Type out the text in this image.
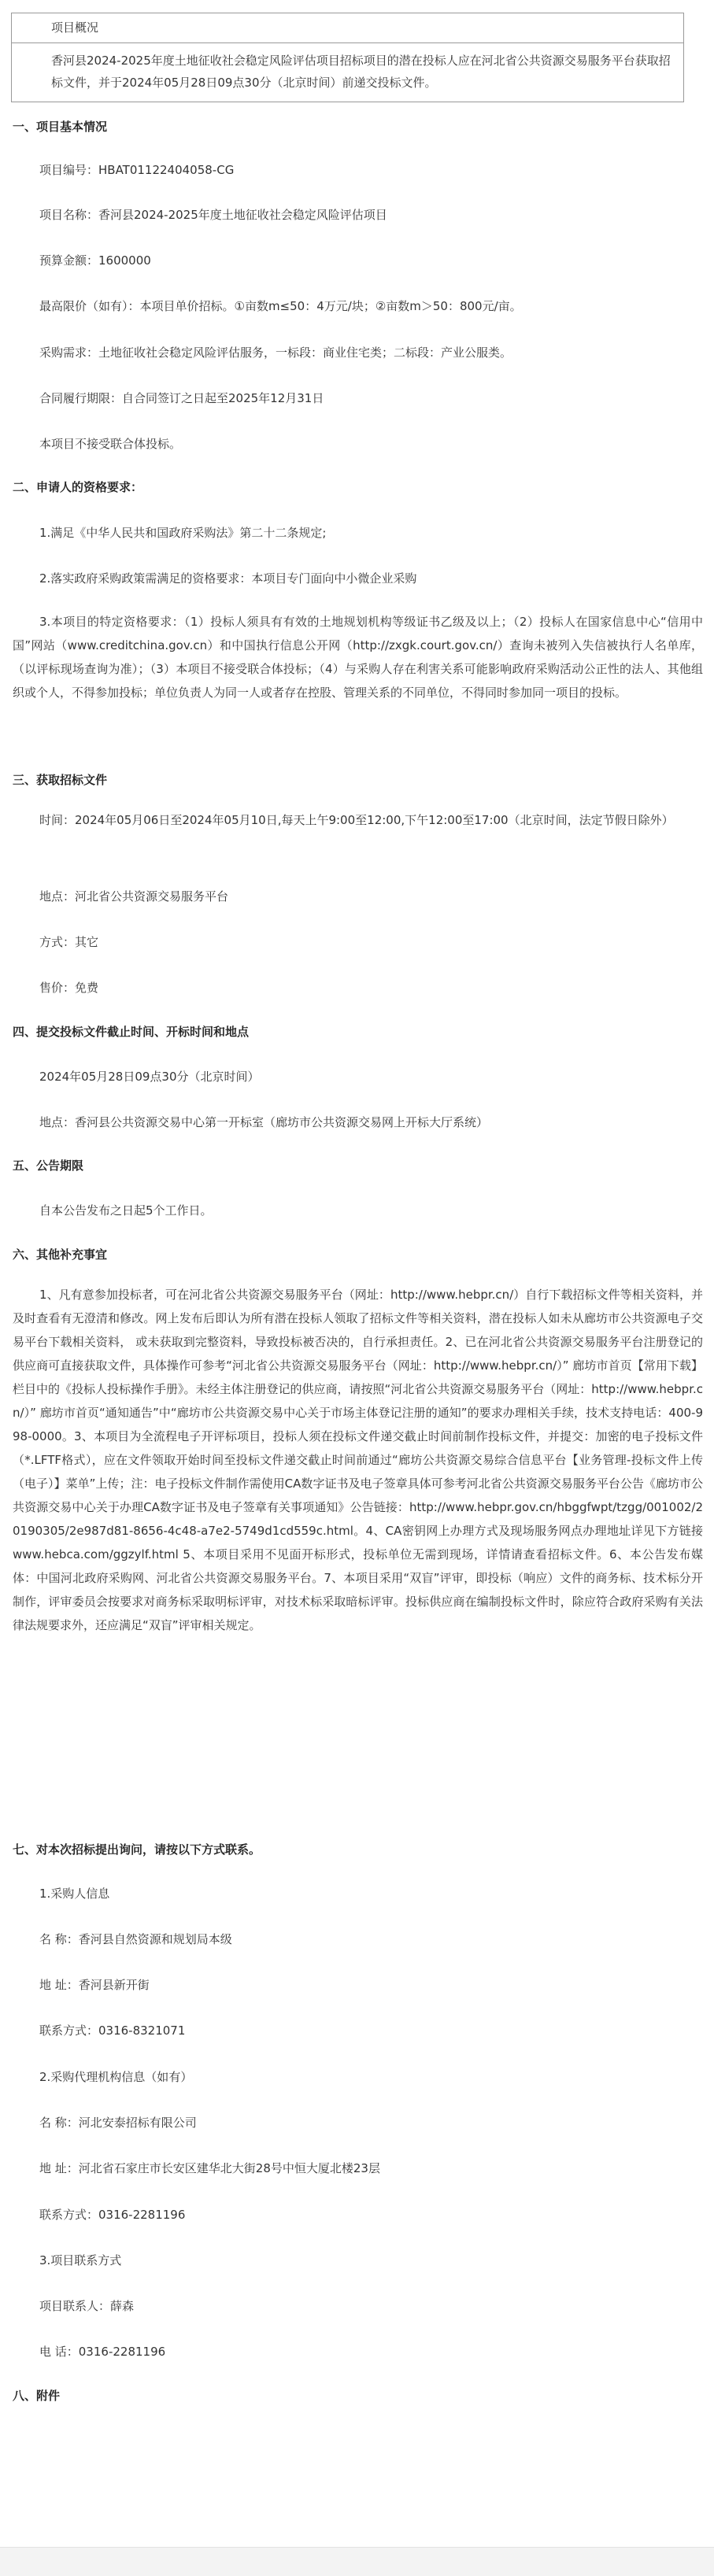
项目概况
香河县2024-2025年度土地征收社会稳定风险评估项目招标项目的潜在投标人应在河北省公共资源交易服务平台获取招标文件，并于2024年05月28日09点30分（北京时间）前递交投标文件。
一、项目基本情况
项目编号：HBAT01122404058-CG
项目名称：香河县2024-2025年度土地征收社会稳定风险评估项目
预算金额：1600000
最高限价（如有）：本项目单价招标。①亩数m≤50：4万元/块；②亩数m＞50：800元/亩。
采购需求：土地征收社会稳定风险评估服务，一标段：商业住宅类；二标段：产业公服类。
合同履行期限：自合同签订之日起至2025年12月31日
本项目不接受联合体投标。
二、申请人的资格要求：
1.满足《中华人民共和国政府采购法》第二十二条规定;
2.落实政府采购政策需满足的资格要求：本项目专门面向中小微企业采购
3.本项目的特定资格要求：（1）投标人须具有有效的土地规划机构等级证书乙级及以上；（2）投标人在国家信息中心“信用中国”网站（www.creditchina.gov.cn）和中国执行信息公开网（http://zxgk.court.gov.cn/）查询未被列入失信被执行人名单库，（以评标现场查询为准）；（3）本项目不接受联合体投标；（4）与采购人存在利害关系可能影响政府采购活动公正性的法人、其他组织或个人，不得参加投标；单位负责人为同一人或者存在控股、管理关系的不同单位，不得同时参加同一项目的投标。
三、获取招标文件
时间：2024年05月06日至2024年05月10日,每天上午9:00至12:00,下午12:00至17:00（北京时间，法定节假日除外）
地点：河北省公共资源交易服务平台
方式：其它
售价：免费
四、提交投标文件截止时间、开标时间和地点
2024年05月28日09点30分（北京时间）
地点：香河县公共资源交易中心第一开标室（廊坊市公共资源交易网上开标大厅系统）
五、公告期限
自本公告发布之日起5个工作日。
六、其他补充事宜
1、凡有意参加投标者，可在河北省公共资源交易服务平台（网址：http://www.hebpr.cn/）自行下载招标文件等相关资料，并及时查看有无澄清和修改。网上发布后即认为所有潜在投标人领取了招标文件等相关资料，潜在投标人如未从廊坊市公共资源电子交易平台下载相关资料， 或未获取到完整资料，导致投标被否决的，自行承担责任。2、已在河北省公共资源交易服务平台注册登记的供应商可直接获取文件，具体操作可参考“河北省公共资源交易服务平台（网址：http://www.hebpr.cn/）” 廊坊市首页【常用下载】栏目中的《投标人投标操作手册》。未经主体注册登记的供应商，请按照“河北省公共资源交易服务平台（网址：http://www.hebpr.cn/）” 廊坊市首页“通知通告”中“廊坊市公共资源交易中心关于市场主体登记注册的通知”的要求办理相关手续，技术支持电话：400-998-0000。3、本项目为全流程电子开评标项目，投标人须在投标文件递交截止时间前制作投标文件，并提交：加密的电子投标文件（*.LFTF格式），应在文件领取开始时间至投标文件递交截止时间前通过“廊坊公共资源交易综合信息平台【业务管理-投标文件上传（电子）】菜单”上传；注：电子投标文件制作需使用CA数字证书及电子签章具体可参考河北省公共资源交易服务平台公告《廊坊市公共资源交易中心关于办理CA数字证书及电子签章有关事项通知》公告链接：http://www.hebpr.gov.cn/hbggfwpt/tzgg/001002/20190305/2e987d81-8656-4c48-a7e2-5749d1cd559c.html。4、CA密钥网上办理方式及现场服务网点办理地址详见下方链接www.hebca.com/ggzylf.html 5、本项目采用不见面开标形式，投标单位无需到现场，详情请查看招标文件。6、本公告发布媒体：中国河北政府采购网、河北省公共资源交易服务平台。7、本项目采用“双盲”评审，即投标（响应）文件的商务标、技术标分开制作，评审委员会按要求对商务标采取明标评审，对技术标采取暗标评审。投标供应商在编制投标文件时，除应符合政府采购有关法律法规要求外，还应满足“双盲”评审相关规定。
七、对本次招标提出询问，请按以下方式联系。
1.采购人信息
名 称：香河县自然资源和规划局本级
地 址：香河县新开街
联系方式：0316-8321071
2.采购代理机构信息（如有）
名 称：河北安泰招标有限公司
地 址：河北省石家庄市长安区建华北大街28号中恒大厦北楼23层
联系方式：0316-2281196
3.项目联系方式
项目联系人：薛森
电 话：0316-2281196
八、附件
